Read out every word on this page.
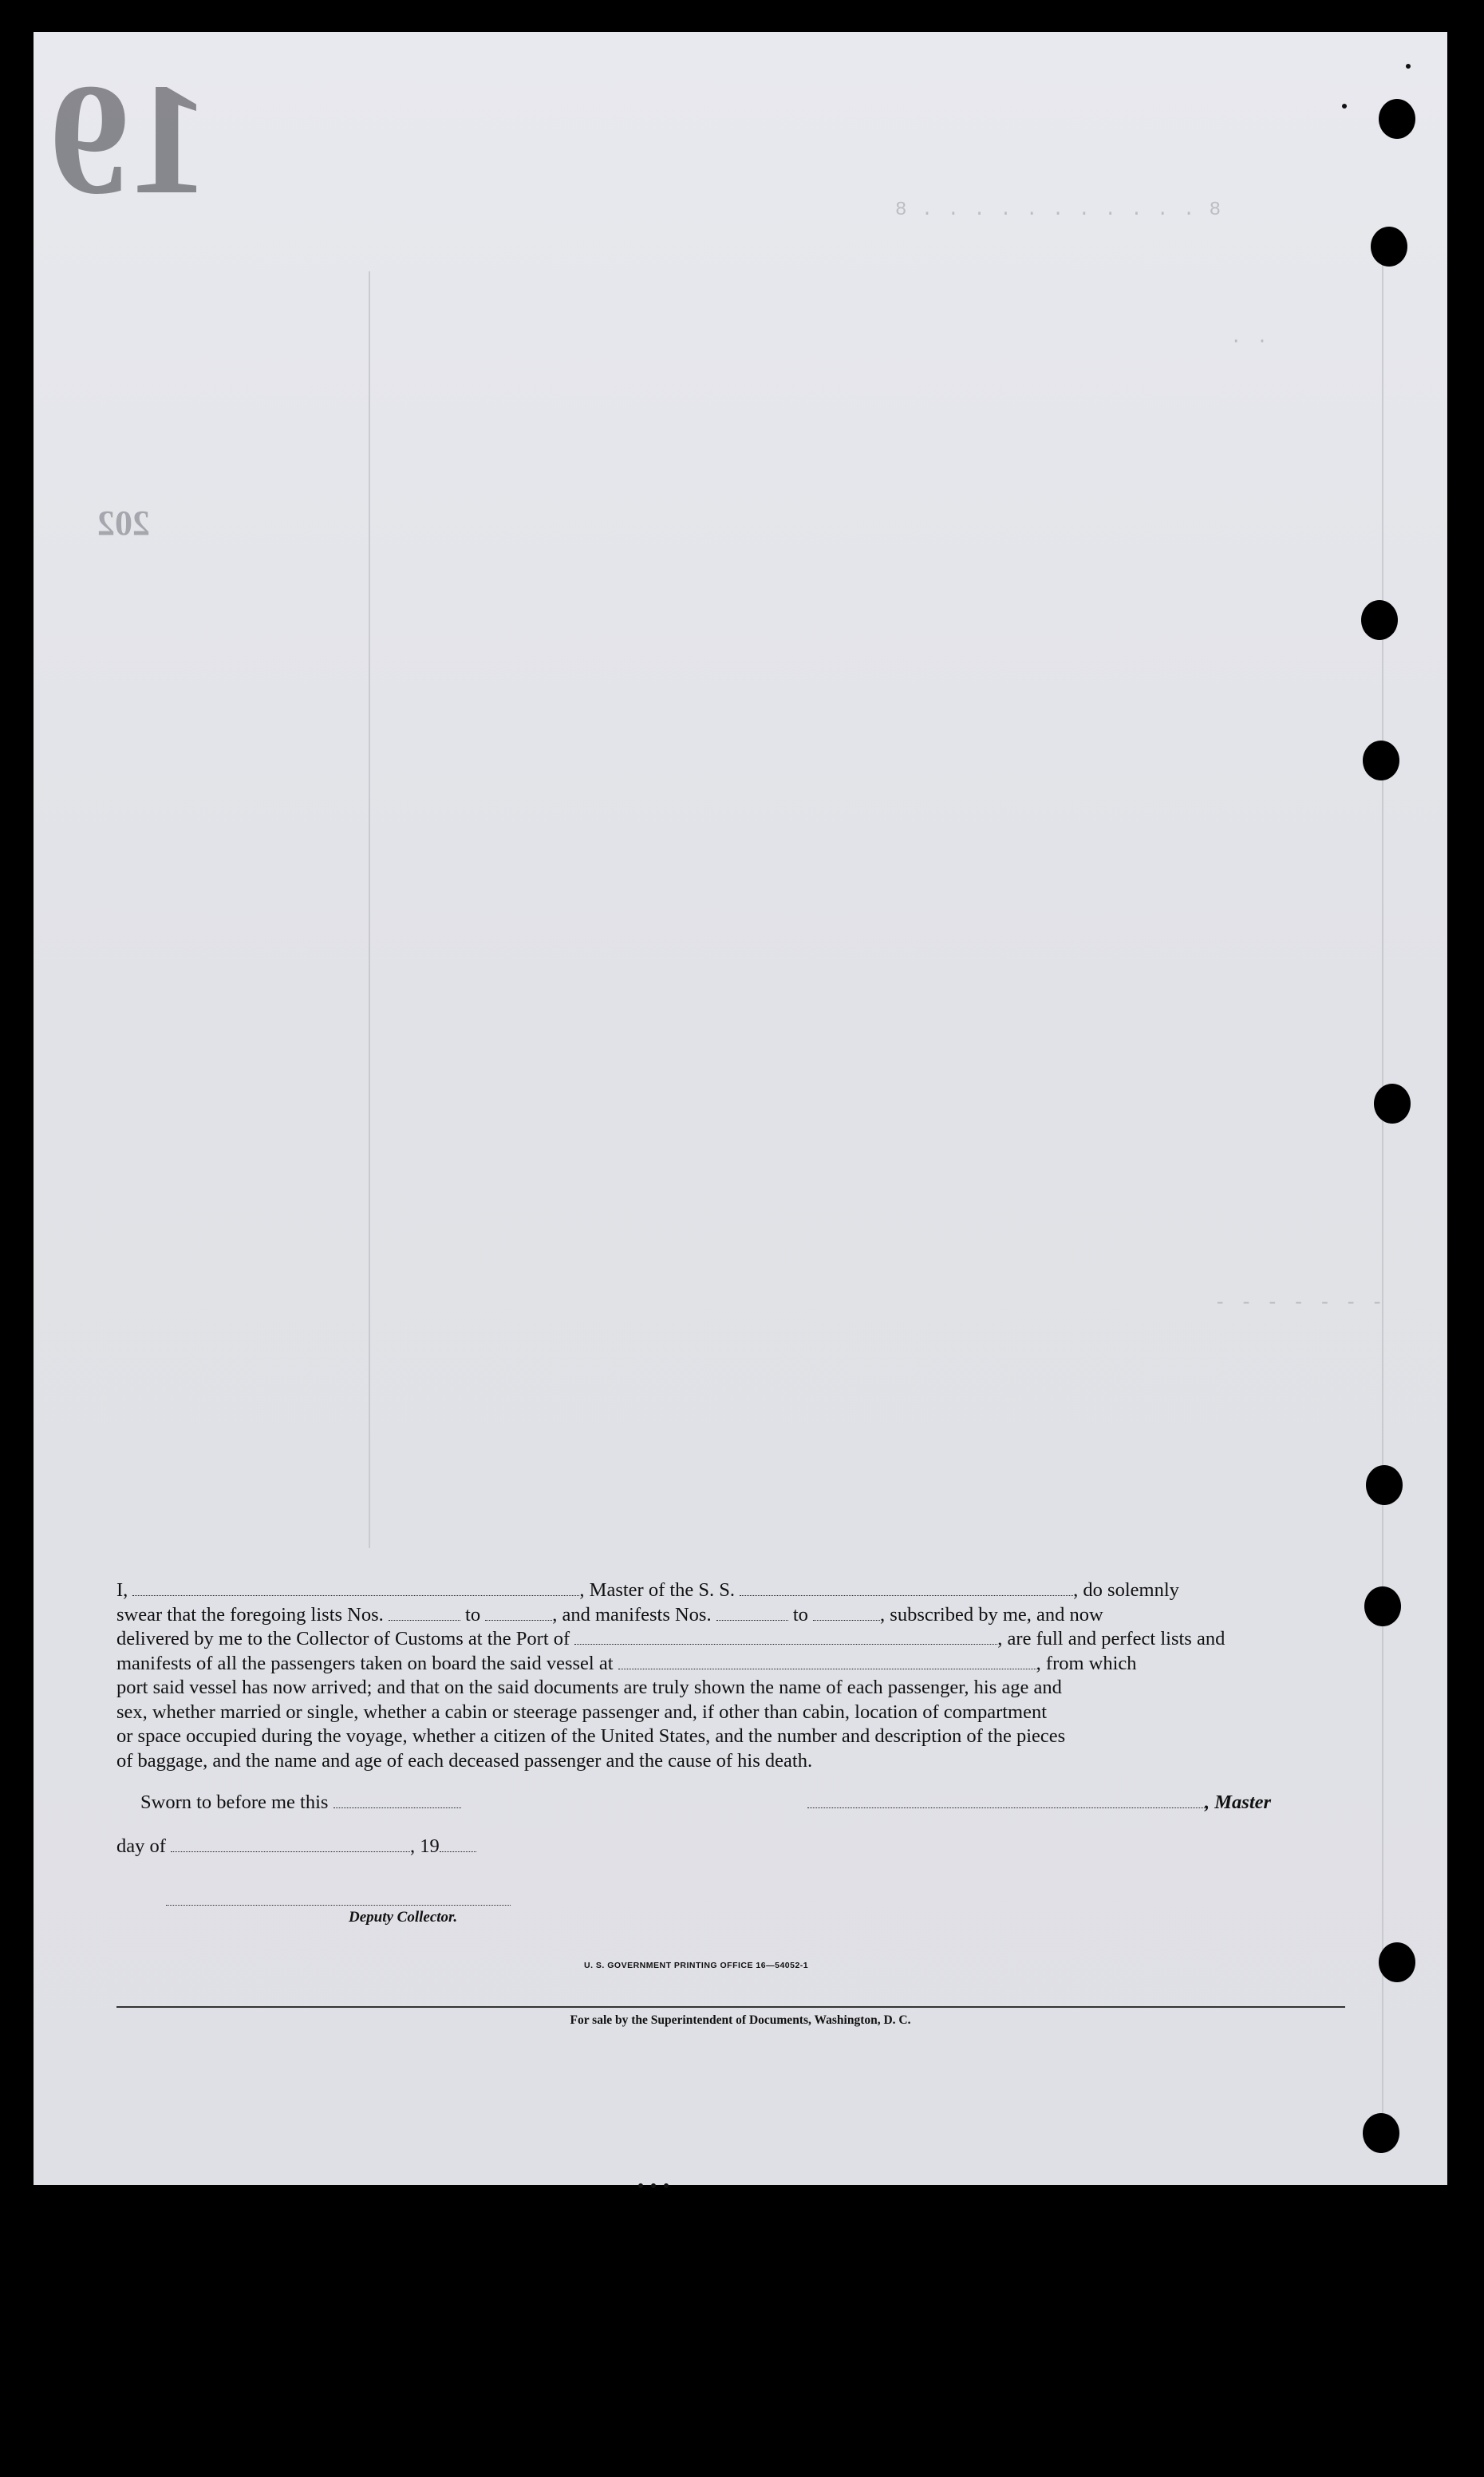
19
202
8 . . . . . . . . . . . 8
. .
- - - - - - -
I,	, Master of the S. S.	, do solemnly
swear that the foregoing lists Nos.	to	, and manifests Nos.	to	, subscribed by me, and now
delivered by me to the Collector of Customs at the Port of	, are full and perfect lists and
manifests of all the passengers taken on board the said vessel at	, from which
port said vessel has now arrived; and that on the said documents are truly shown the name of each passenger, his age and
sex, whether married or single, whether a cabin or steerage passenger and, if other than cabin, location of compartment
or space occupied during the voyage, whether a citizen of the United States, and the number and description of the pieces
of baggage, and the name and age of each deceased passenger and the cause of his death.
Sworn to before me this	, Master
day of	, 19
Deputy Collector.
U. S. GOVERNMENT PRINTING OFFICE 16—54052-1
For sale by the Superintendent of Documents, Washington, D. C.
